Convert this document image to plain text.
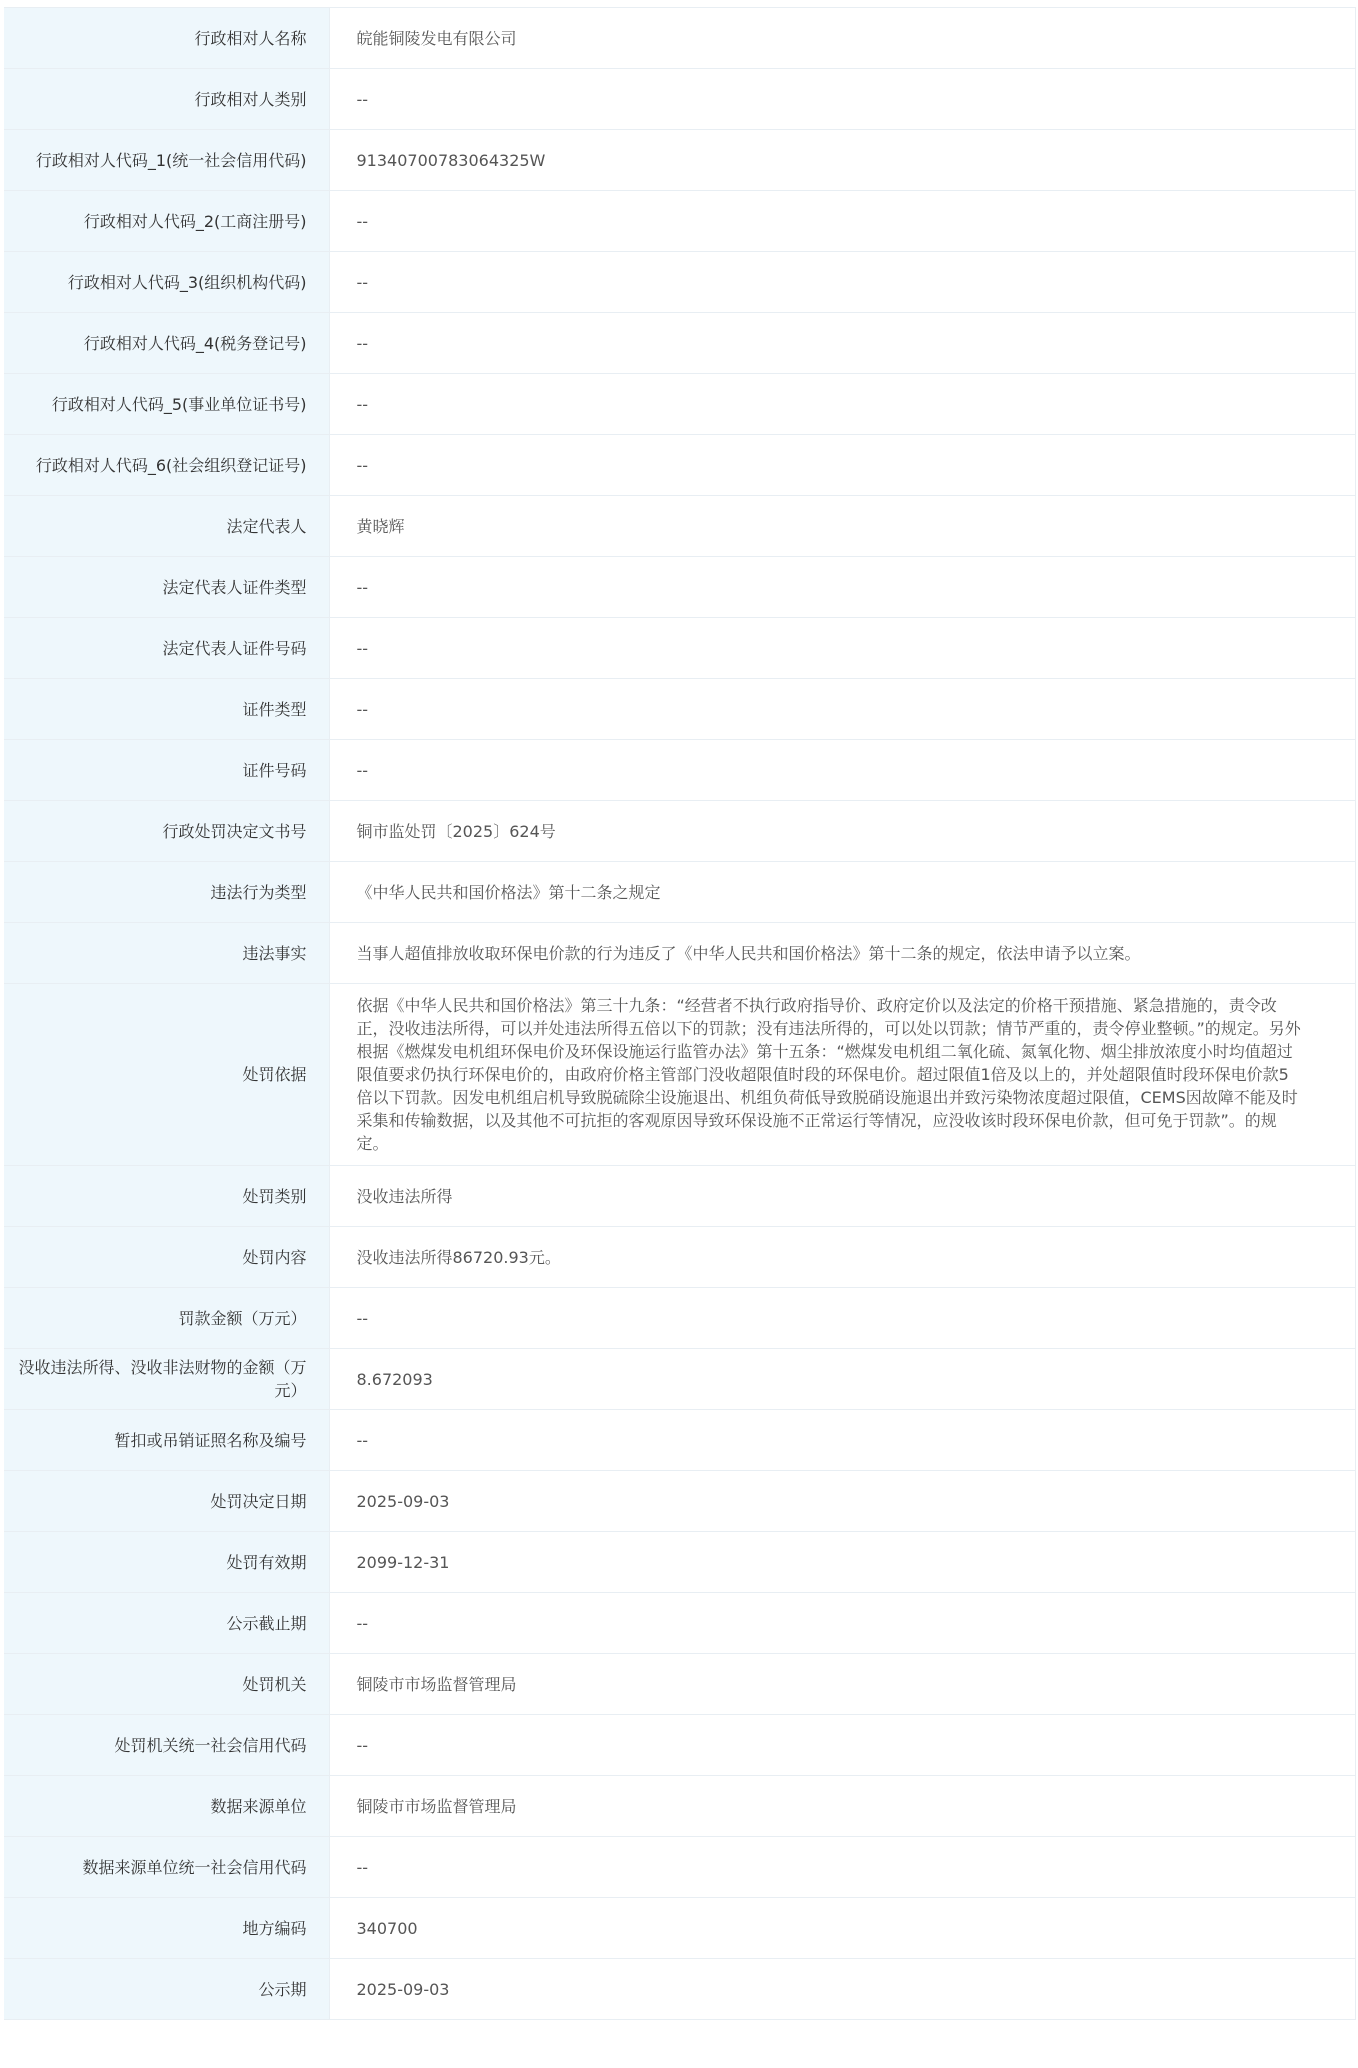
行政相对人名称	皖能铜陵发电有限公司
行政相对人类别	--
行政相对人代码_1(统一社会信用代码)	91340700783064325W
行政相对人代码_2(工商注册号)	--
行政相对人代码_3(组织机构代码)	--
行政相对人代码_4(税务登记号)	--
行政相对人代码_5(事业单位证书号)	--
行政相对人代码_6(社会组织登记证号)	--
法定代表人	黄晓辉
法定代表人证件类型	--
法定代表人证件号码	--
证件类型	--
证件号码	--
行政处罚决定文书号	铜市监处罚〔2025〕624号
违法行为类型	《中华人民共和国价格法》第十二条之规定
违法事实	当事人超值排放收取环保电价款的行为违反了《中华人民共和国价格法》第十二条的规定，依法申请予以立案。
处罚依据	依据《中华人民共和国价格法》第三十九条：“经营者不执行政府指导价、政府定价以及法定的价格干预措施、紧急措施的，责令改正，没收违法所得，可以并处违法所得五倍以下的罚款；没有违法所得的，可以处以罚款；情节严重的，责令停业整顿。”的规定。另外根据《燃煤发电机组环保电价及环保设施运行监管办法》第十五条：“燃煤发电机组二氧化硫、氮氧化物、烟尘排放浓度小时均值超过限值要求仍执行环保电价的，由政府价格主管部门没收超限值时段的环保电价。超过限值1倍及以上的，并处超限值时段环保电价款5倍以下罚款。因发电机组启机导致脱硫除尘设施退出、机组负荷低导致脱硝设施退出并致污染物浓度超过限值，CEMS因故障不能及时采集和传输数据，以及其他不可抗拒的客观原因导致环保设施不正常运行等情况，应没收该时段环保电价款，但可免于罚款”。的规定。
处罚类别	没收违法所得
处罚内容	没收违法所得86720.93元。
罚款金额（万元）	--
没收违法所得、没收非法财物的金额（万元）	8.672093
暂扣或吊销证照名称及编号	--
处罚决定日期	2025-09-03
处罚有效期	2099-12-31
公示截止期	--
处罚机关	铜陵市市场监督管理局
处罚机关统一社会信用代码	--
数据来源单位	铜陵市市场监督管理局
数据来源单位统一社会信用代码	--
地方编码	340700
公示期	2025-09-03
